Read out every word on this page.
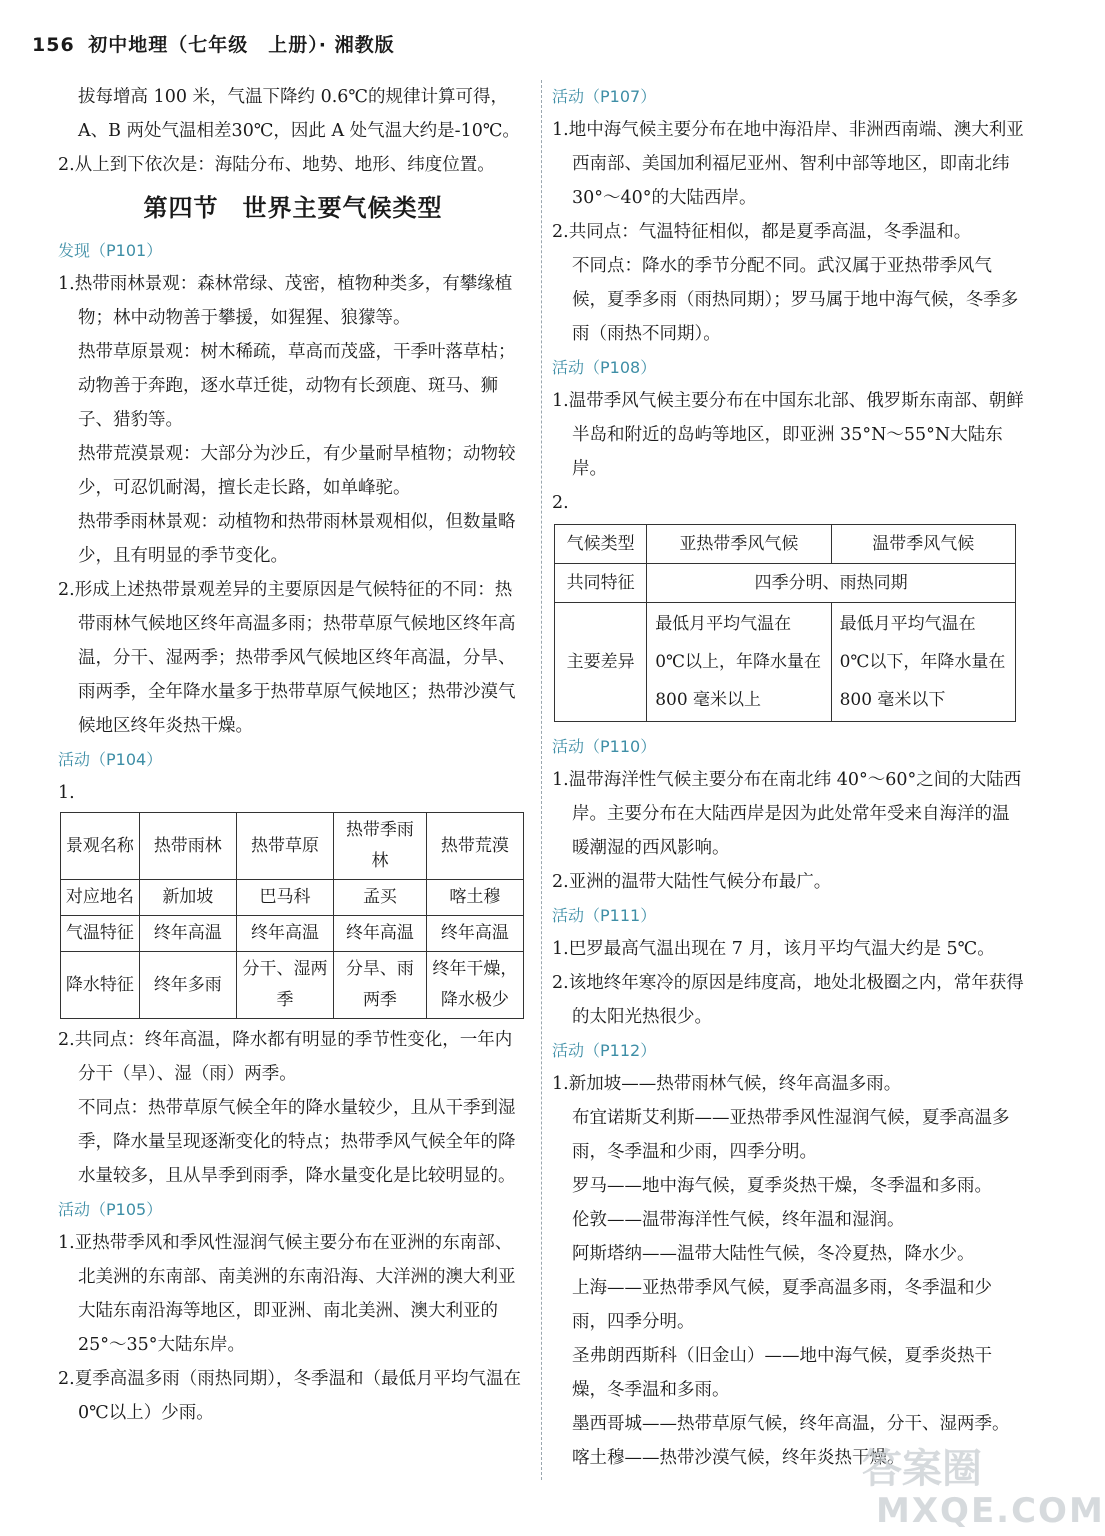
156 初中地理（七年级　上册）· 湘教版

拔每增高 100 米，气温下降约 0.6℃的规律计算可得，A、B 两处气温相差30℃，因此 A 处气温大约是-10℃。

2.从上到下依次是：海陆分布、地势、地形、纬度位置。

第四节 世界主要气候类型
发现（P101）

1.热带雨林景观：森林常绿、茂密，植物种类多，有攀缘植物；林中动物善于攀援，如猩猩、狼獴等。

热带草原景观：树木稀疏，草高而茂盛，干季叶落草枯；动物善于奔跑，逐水草迁徙，动物有长颈鹿、斑马、狮子、猎豹等。

热带荒漠景观：大部分为沙丘，有少量耐旱植物；动物较少，可忍饥耐渴，擅长走长路，如单峰驼。

热带季雨林景观：动植物和热带雨林景观相似，但数量略少，且有明显的季节变化。

2.形成上述热带景观差异的主要原因是气候特征的不同：热带雨林气候地区终年高温多雨；热带草原气候地区终年高温，分干、湿两季；热带季风气候地区终年高温，分旱、雨两季，全年降水量多于热带草原气候地区；热带沙漠气候地区终年炎热干燥。

活动（P104）

1.

景观名称	热带雨林	热带草原	热带季雨林	热带荒漠
对应地名	新加坡	巴马科	孟买	喀土穆
气温特征	终年高温	终年高温	终年高温	终年高温
降水特征	终年多雨	分干、湿两季	分旱、雨两季	终年干燥，降水极少

2.共同点：终年高温，降水都有明显的季节性变化，一年内分干（旱）、湿（雨）两季。

不同点：热带草原气候全年的降水量较少，且从干季到湿季，降水量呈现逐渐变化的特点；热带季风气候全年的降水量较多，且从旱季到雨季，降水量变化是比较明显的。

活动（P105）

1.亚热带季风和季风性湿润气候主要分布在亚洲的东南部、北美洲的东南部、南美洲的东南沿海、大洋洲的澳大利亚大陆东南沿海等地区，即亚洲、南北美洲、澳大利亚的 25°～35°大陆东岸。

2.夏季高温多雨（雨热同期），冬季温和（最低月平均气温在 0℃以上）少雨。

活动（P107）

1.地中海气候主要分布在地中海沿岸、非洲西南端、澳大利亚西南部、美国加利福尼亚州、智利中部等地区，即南北纬 30°～40°的大陆西岸。

2.共同点：气温特征相似，都是夏季高温，冬季温和。

不同点：降水的季节分配不同。武汉属于亚热带季风气候，夏季多雨（雨热同期）；罗马属于地中海气候，冬季多雨（雨热不同期）。

活动（P108）

1.温带季风气候主要分布在中国东北部、俄罗斯东南部、朝鲜半岛和附近的岛屿等地区，即亚洲 35°N～55°N大陆东岸。

2.

气候类型	亚热带季风气候	温带季风气候
共同特征	四季分明、雨热同期	
主要差异	最低月平均气温在 0℃以上，年降水量在 800 毫米以上	最低月平均气温在 0℃以下，年降水量在 800 毫米以下
活动（P110）

1.温带海洋性气候主要分布在南北纬 40°～60°之间的大陆西岸。主要分布在大陆西岸是因为此处常年受来自海洋的温暖潮湿的西风影响。

2.亚洲的温带大陆性气候分布最广。

活动（P111）

1.巴罗最高气温出现在 7 月，该月平均气温大约是 5℃。

2.该地终年寒冷的原因是纬度高，地处北极圈之内，常年获得的太阳光热很少。

活动（P112）

1.新加坡——热带雨林气候，终年高温多雨。

布宜诺斯艾利斯——亚热带季风性湿润气候，夏季高温多雨，冬季温和少雨，四季分明。

罗马——地中海气候，夏季炎热干燥，冬季温和多雨。

伦敦——温带海洋性气候，终年温和湿润。

阿斯塔纳——温带大陆性气候，冬冷夏热，降水少。

上海——亚热带季风气候，夏季高温多雨，冬季温和少雨，四季分明。

圣弗朗西斯科（旧金山）——地中海气候，夏季炎热干燥，冬季温和多雨。

墨西哥城——热带草原气候，终年高温，分干、湿两季。

喀土穆——热带沙漠气候，终年炎热干燥。

答案圈
MXQE.COM
